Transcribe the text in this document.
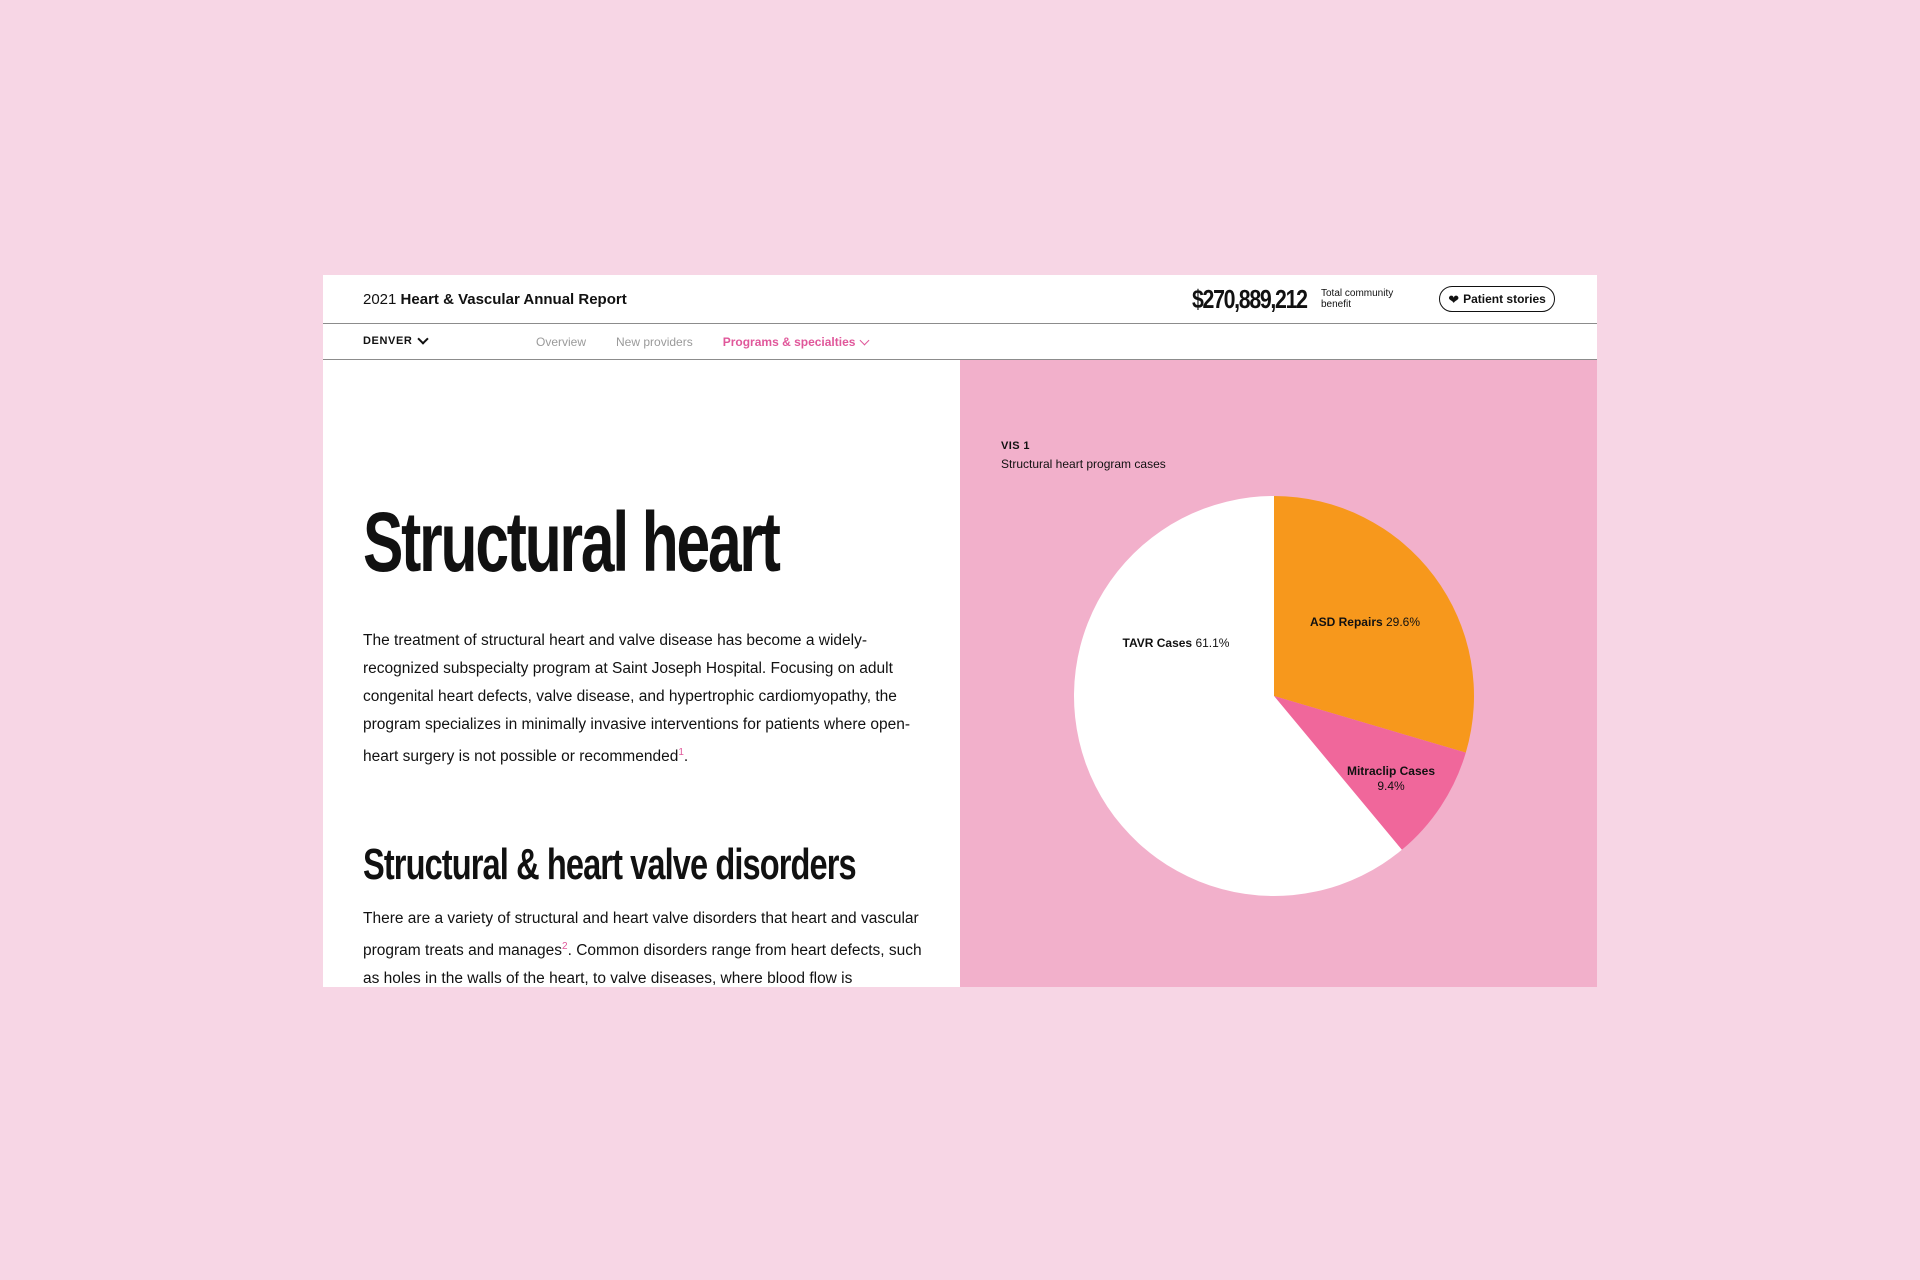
2021 Heart & Vascular Annual Report	$270,889,212 Total community benefit	❤ Patient stories
DENVER	Overview	New providers	Programs & specialties
Structural heart

The treatment of structural heart and valve disease has become a widely-recognized subspecialty program at Saint Joseph Hospital. Focusing on adult congenital heart defects, valve disease, and hypertrophic cardiomyopathy, the program specializes in minimally invasive interventions for patients where open-heart surgery is not possible or recommended$^1$.

Structural & heart valve disorders

There are a variety of structural and heart valve disorders that heart and vascular program treats and manages$^2$. Common disorders range from heart defects, such as holes in the walls of the heart, to valve diseases, where blood flow is

VIS 1
Structural heart program cases
ASD Repairs 29.6%
Mitraclip Cases 9.4%
TAVR Cases 61.1%
